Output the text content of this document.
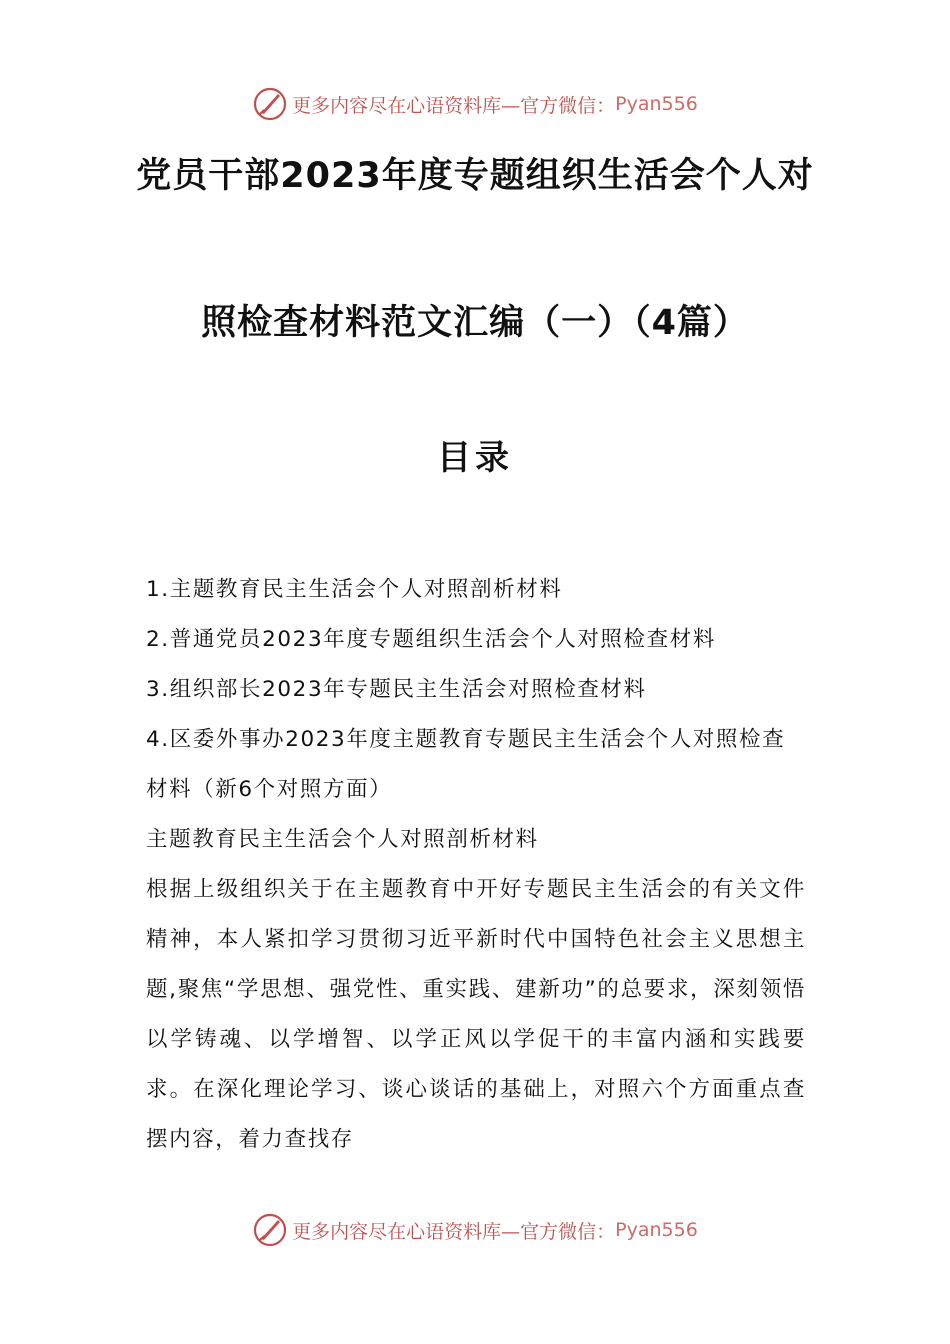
更多内容尽在心语资料库—官方微信： Pyan556
党员干部2023年度专题组织生活会个人对
照检查材料范文汇编（一）（4篇）
目录

1.主题教育民主生活会个人对照剖析材料

2.普通党员2023年度专题组织生活会个人对照检查材料

3.组织部长2023年专题民主生活会对照检查材料

4.区委外事办2023年度主题教育专题民主生活会个人对照检查材料（新6个对照方面）

主题教育民主生活会个人对照剖析材料

根据上级组织关于在主题教育中开好专题民主生活会的有关文件精神，本人紧扣学习贯彻习近平新时代中国特色社会主义思想主题,聚焦“学思想、强党性、重实践、建新功”的总要求，深刻领悟以学铸魂、以学增智、以学正风以学促干的丰富内涵和实践要求。在深化理论学习、谈心谈话的基础上，对照六个方面重点查摆内容，着力查找存

更多内容尽在心语资料库—官方微信： Pyan556
